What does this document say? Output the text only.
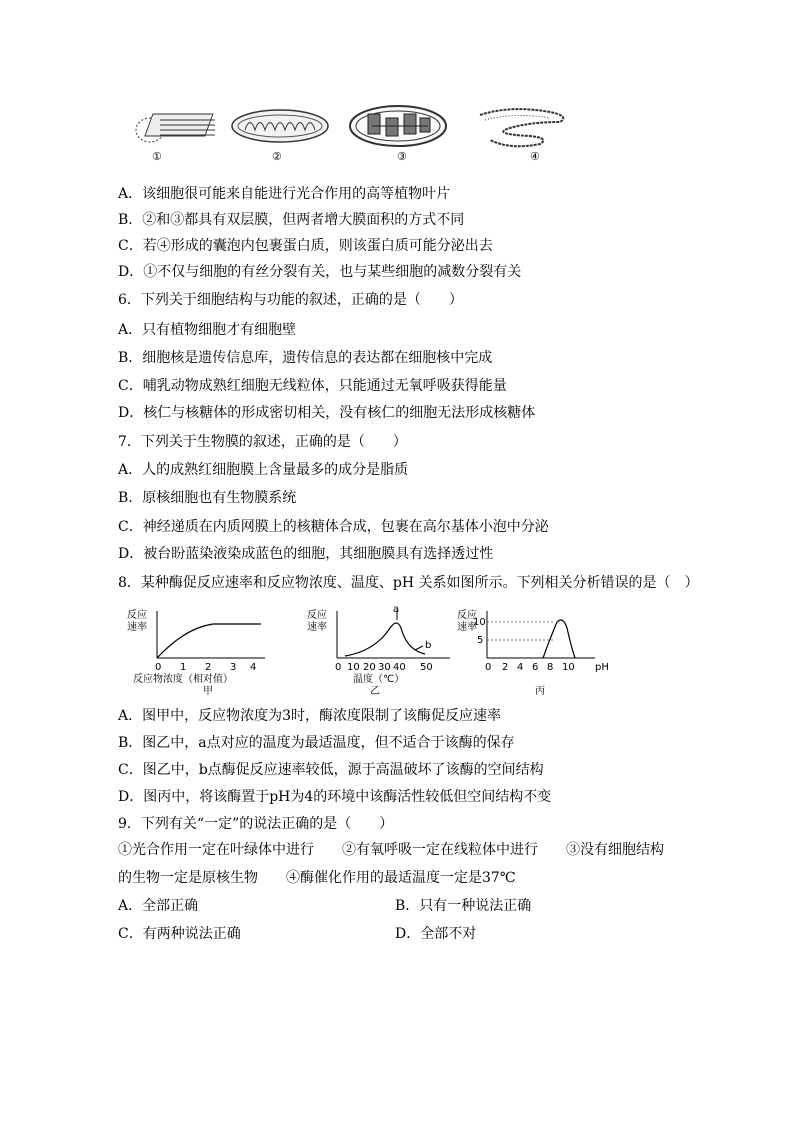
①	②	③	④
A．该细胞很可能来自能进行光合作用的高等植物叶片
B．②和③都具有双层膜，但两者增大膜面积的方式不同
C．若④形成的囊泡内包裹蛋白质，则该蛋白质可能分泌出去
D．①不仅与细胞的有丝分裂有关，也与某些细胞的减数分裂有关
6．下列关于细胞结构与功能的叙述，正确的是（　　）
A．只有植物细胞才有细胞壁
B．细胞核是遗传信息库，遗传信息的表达都在细胞核中完成
C．哺乳动物成熟红细胞无线粒体，只能通过无氧呼吸获得能量
D．核仁与核糖体的形成密切相关，没有核仁的细胞无法形成核糖体
7．下列关于生物膜的叙述，正确的是（　　）
A．人的成熟红细胞膜上含量最多的成分是脂质
B．原核细胞也有生物膜系统
C．神经递质在内质网膜上的核糖体合成，包裹在高尔基体小泡中分泌
D．被台盼蓝染液染成蓝色的细胞，其细胞膜具有选择透过性
8．某种酶促反应速率和反应物浓度、温度、pH 关系如图所示。下列相关分析错误的是（　）
反应
速率
0 1 2 3 4
反应物浓度（相对值）
甲
反应
速率
a
b
0 10 20 30 40 50
温度（℃）
乙
反应
速率
10
5
0 2 4 6 8 10 pH
丙
A．图甲中，反应物浓度为3时，酶浓度限制了该酶促反应速率
B．图乙中，a点对应的温度为最适温度，但不适合于该酶的保存
C．图乙中，b点酶促反应速率较低，源于高温破坏了该酶的空间结构
D．图丙中，将该酶置于pH为4的环境中该酶活性较低但空间结构不变
9．下列有关“一定”的说法正确的是（　　）
①光合作用一定在叶绿体中进行　　②有氧呼吸一定在线粒体中进行　　③没有细胞结构
的生物一定是原核生物　　④酶催化作用的最适温度一定是37℃
A．全部正确	B．只有一种说法正确
C．有两种说法正确	D．全部不对
